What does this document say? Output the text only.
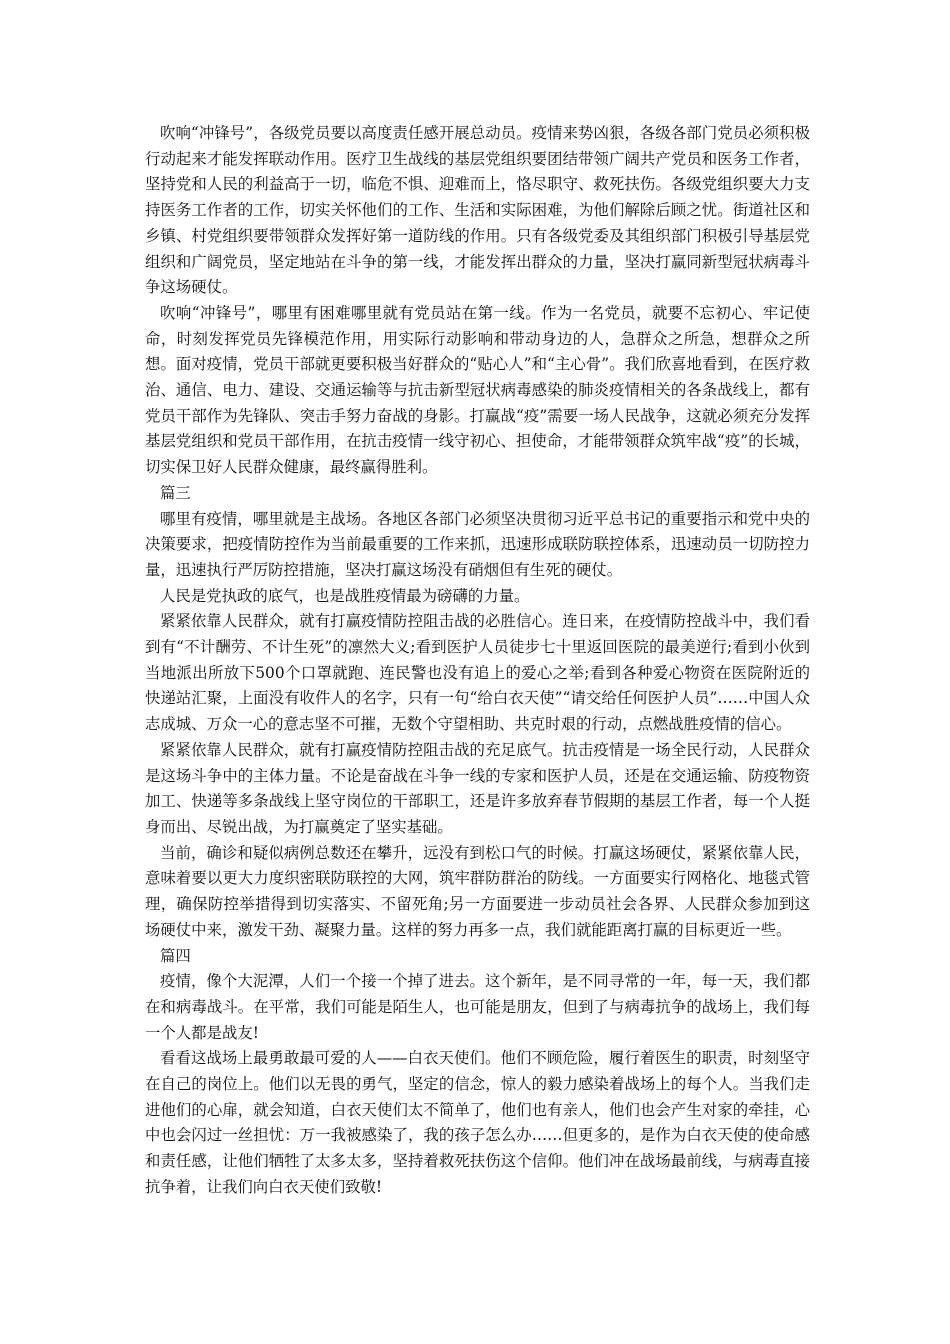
吹响“冲锋号”，各级党员要以高度责任感开展总动员。疫情来势凶狠，各级各部门党员必须积极行动起来才能发挥联动作用。医疗卫生战线的基层党组织要团结带领广阔共产党员和医务工作者，坚持党和人民的利益高于一切，临危不惧、迎难而上，恪尽职守、救死扶伤。各级党组织要大力支持医务工作者的工作，切实关怀他们的工作、生活和实际困难，为他们解除后顾之忧。街道社区和乡镇、村党组织要带领群众发挥好第一道防线的作用。只有各级党委及其组织部门积极引导基层党组织和广阔党员，坚定地站在斗争的第一线，才能发挥出群众的力量，坚决打赢同新型冠状病毒斗争这场硬仗。

吹响“冲锋号”，哪里有困难哪里就有党员站在第一线。作为一名党员，就要不忘初心、牢记使命，时刻发挥党员先锋模范作用，用实际行动影响和带动身边的人，急群众之所急，想群众之所想。面对疫情，党员干部就更要积极当好群众的“贴心人”和“主心骨”。我们欣喜地看到，在医疗救治、通信、电力、建设、交通运输等与抗击新型冠状病毒感染的肺炎疫情相关的各条战线上，都有党员干部作为先锋队、突击手努力奋战的身影。打赢战“疫”需要一场人民战争，这就必须充分发挥基层党组织和党员干部作用，在抗击疫情一线守初心、担使命，才能带领群众筑牢战“疫”的长城，切实保卫好人民群众健康，最终赢得胜利。

篇三

哪里有疫情，哪里就是主战场。各地区各部门必须坚决贯彻习近平总书记的重要指示和党中央的决策要求，把疫情防控作为当前最重要的工作来抓，迅速形成联防联控体系，迅速动员一切防控力量，迅速执行严厉防控措施，坚决打赢这场没有硝烟但有生死的硬仗。

人民是党执政的底气，也是战胜疫情最为磅礴的力量。

紧紧依靠人民群众，就有打赢疫情防控阻击战的必胜信心。连日来，在疫情防控战斗中，我们看到有“不计酬劳、不计生死”的凛然大义;看到医护人员徒步七十里返回医院的最美逆行;看到小伙到当地派出所放下500个口罩就跑、连民警也没有追上的爱心之举;看到各种爱心物资在医院附近的快递站汇聚，上面没有收件人的名字，只有一句“给白衣天使”“请交给任何医护人员”……中国人众志成城、万众一心的意志坚不可摧，无数个守望相助、共克时艰的行动，点燃战胜疫情的信心。

紧紧依靠人民群众，就有打赢疫情防控阻击战的充足底气。抗击疫情是一场全民行动，人民群众是这场斗争中的主体力量。不论是奋战在斗争一线的专家和医护人员，还是在交通运输、防疫物资加工、快递等多条战线上坚守岗位的干部职工，还是许多放弃春节假期的基层工作者，每一个人挺身而出、尽锐出战，为打赢奠定了坚实基础。

当前，确诊和疑似病例总数还在攀升，远没有到松口气的时候。打赢这场硬仗，紧紧依靠人民，意味着要以更大力度织密联防联控的大网，筑牢群防群治的防线。一方面要实行网格化、地毯式管理，确保防控举措得到切实落实、不留死角;另一方面要进一步动员社会各界、人民群众参加到这场硬仗中来，激发干劲、凝聚力量。这样的努力再多一点，我们就能距离打赢的目标更近一些。

篇四

疫情，像个大泥潭，人们一个接一个掉了进去。这个新年，是不同寻常的一年，每一天，我们都在和病毒战斗。在平常，我们可能是陌生人，也可能是朋友，但到了与病毒抗争的战场上，我们每一个人都是战友!

看看这战场上最勇敢最可爱的人——白衣天使们。他们不顾危险，履行着医生的职责，时刻坚守在自己的岗位上。他们以无畏的勇气，坚定的信念，惊人的毅力感染着战场上的每个人。当我们走进他们的心扉，就会知道，白衣天使们太不简单了，他们也有亲人，他们也会产生对家的牵挂，心中也会闪过一丝担忧：万一我被感染了，我的孩子怎么办……但更多的，是作为白衣天使的使命感和责任感，让他们牺牲了太多太多，坚持着救死扶伤这个信仰。他们冲在战场最前线，与病毒直接抗争着，让我们向白衣天使们致敬!
